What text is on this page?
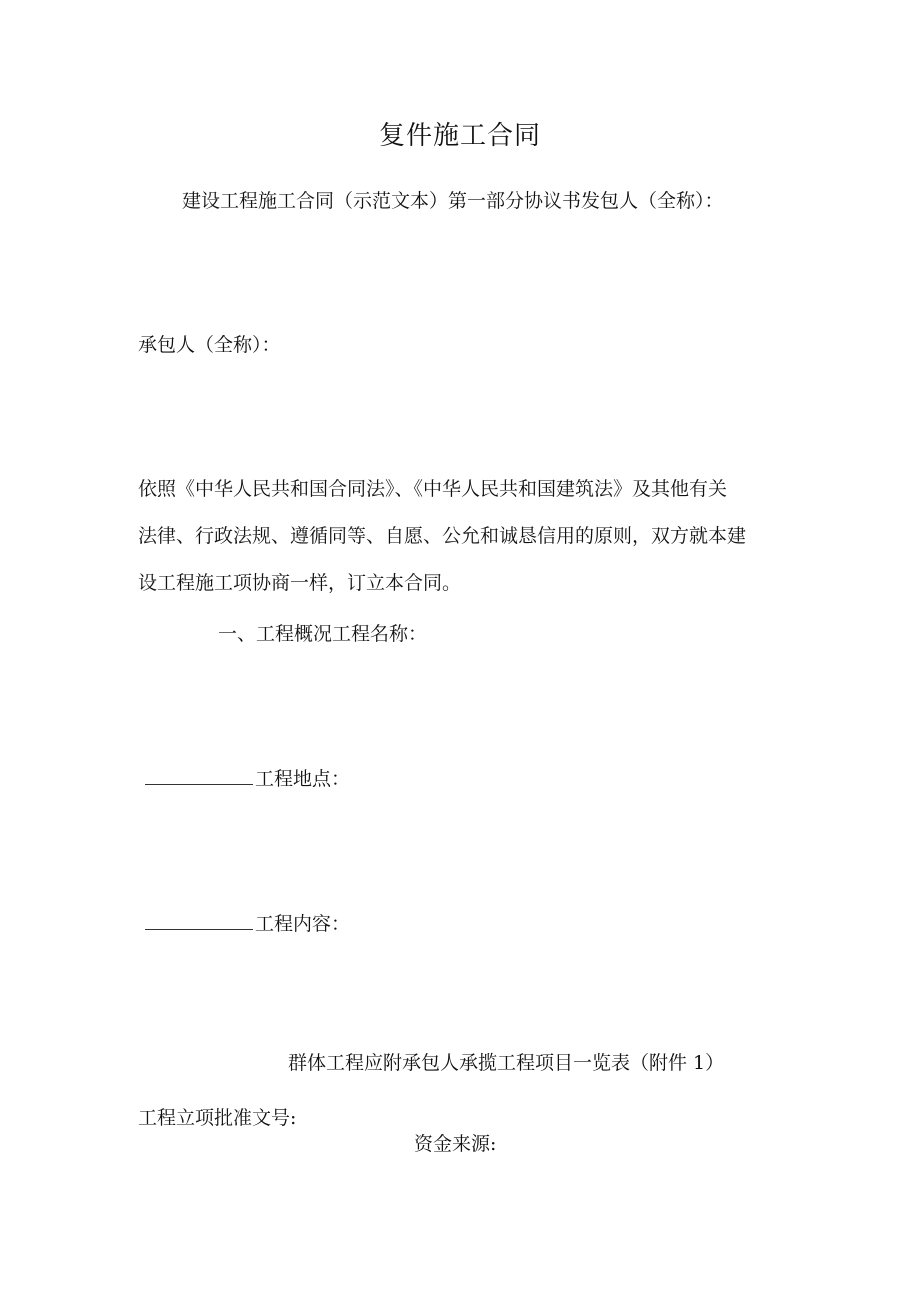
复件施工合同
建设工程施工合同（示范文本）第一部分协议书发包人（全称）：
承包人（全称）：
依照《中华人民共和国合同法》、《中华人民共和国建筑法》及其他有关
法律、行政法规、遵循同等、自愿、公允和诚恳信用的原则，双方就本建
设工程施工项协商一样，订立本合同。
一、工程概况工程名称：
工程地点：
工程内容：
群体工程应附承包人承揽工程项目一览表（附件 1）
工程立项批准文号:
资金来源:
